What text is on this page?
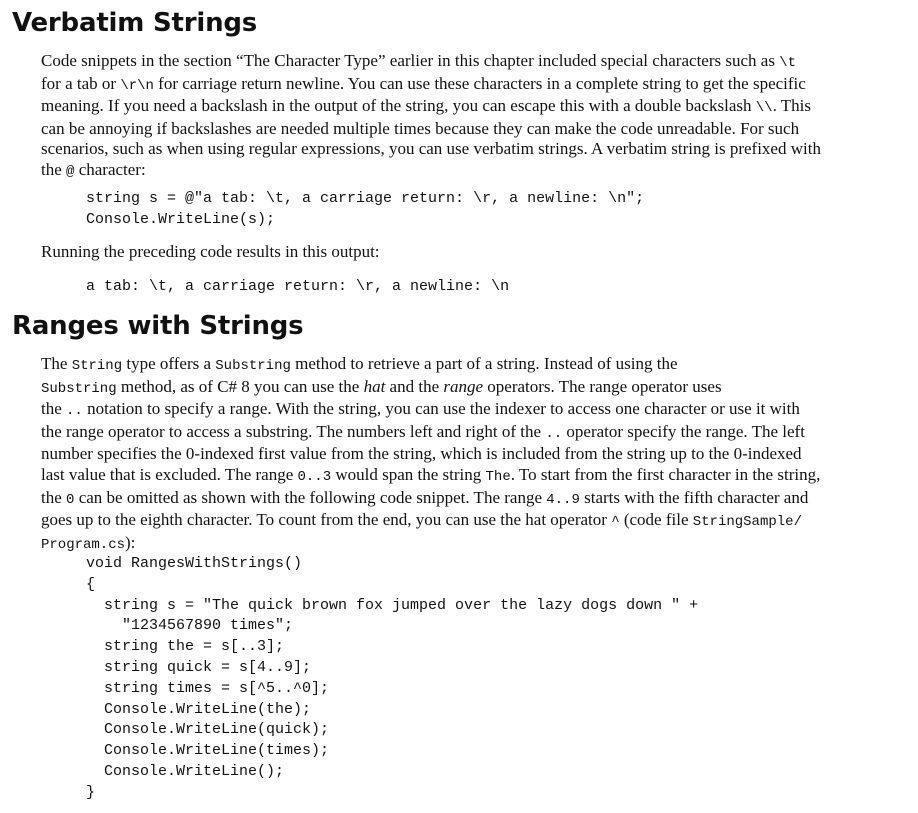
Verbatim Strings

Code snippets in the section “The Character Type” earlier in this chapter included special characters such as \t
for a tab or \r\n for carriage return newline. You can use these characters in a complete string to get the specific
meaning. If you need a backslash in the output of the string, you can escape this with a double backslash \\. This
can be annoying if backslashes are needed multiple times because they can make the code unreadable. For such
scenarios, such as when using regular expressions, you can use verbatim strings. A verbatim string is prefixed with
the @ character:

string s = @"a tab: \t, a carriage return: \r, a newline: \n";
Console.WriteLine(s);

Running the preceding code results in this output:

a tab: \t, a carriage return: \r, a newline: \n
Ranges with Strings

The String type offers a Substring method to retrieve a part of a string. Instead of using the
Substring method, as of C# 8 you can use the hat and the range operators. The range operator uses
the .. notation to specify a range. With the string, you can use the indexer to access one character or use it with
the range operator to access a substring. The numbers left and right of the .. operator specify the range. The left
number specifies the 0-indexed first value from the string, which is included from the string up to the 0-indexed
last value that is excluded. The range 0..3 would span the string The. To start from the first character in the string,
the 0 can be omitted as shown with the following code snippet. The range 4..9 starts with the fifth character and
goes up to the eighth character. To count from the end, you can use the hat operator ^ (code file StringSample/
Program.cs):

void RangesWithStrings()
{
string s = "The quick brown fox jumped over the lazy dogs down " +
"1234567890 times";
string the = s[..3];
string quick = s[4..9];
string times = s[^5..^0];
Console.WriteLine(the);
Console.WriteLine(quick);
Console.WriteLine(times);
Console.WriteLine();
}
